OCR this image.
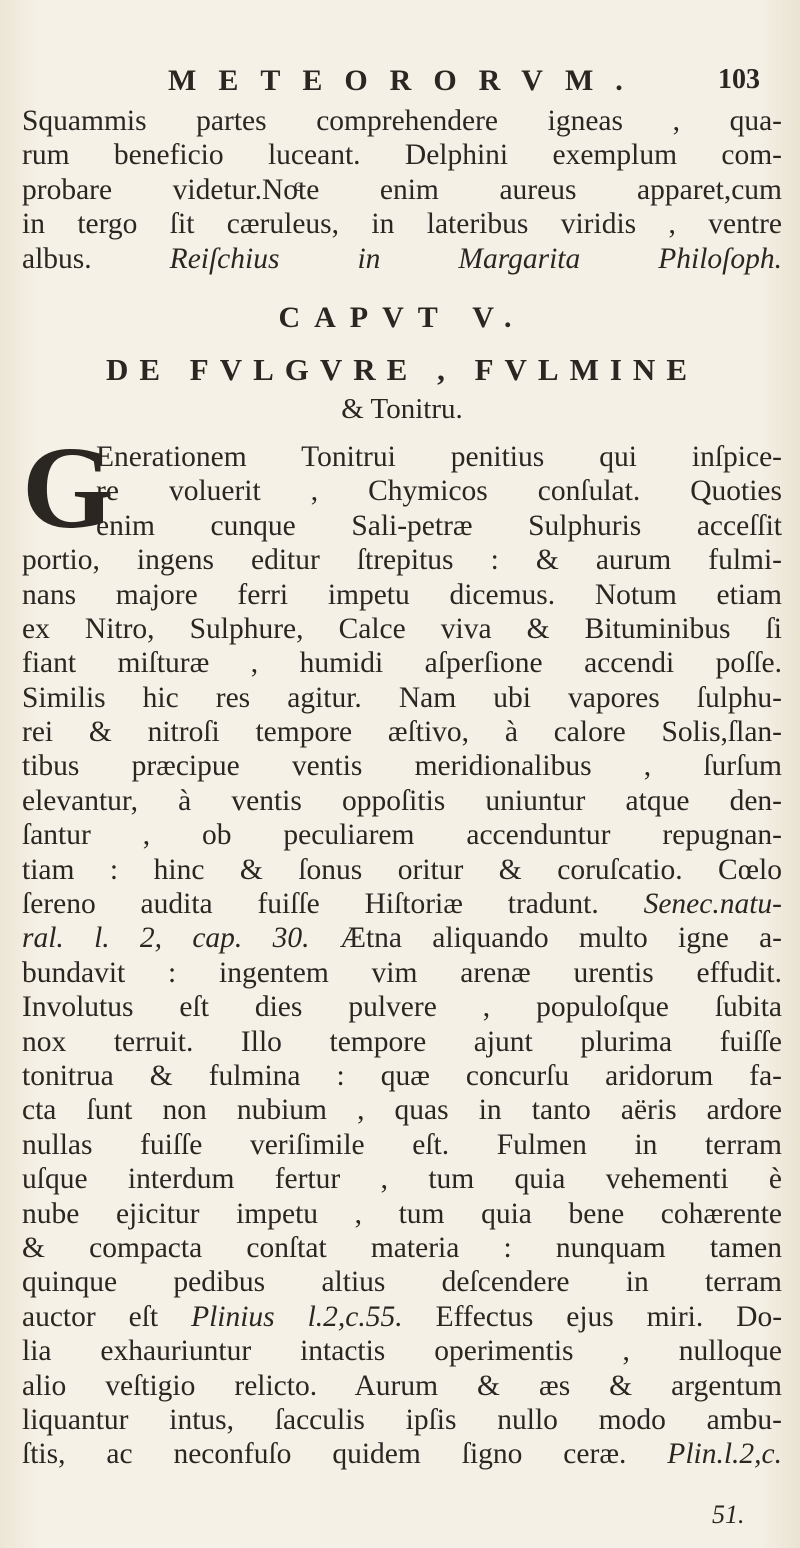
METEORORVM.	103
Squammis partes comprehendere igneas , qua-
rum beneficio luceant. Delphini exemplum com-
probare videtur.Noͨte enim aureus apparet,cum
in tergo ſit cæruleus, in lateribus viridis , ventre
albus.	Reiſchius in Margarita Philoſoph.
CAPVT V.
DE FVLGVRE , FVLMINE
& Tonitru.
G
Enerationem Tonitrui penitius qui inſpice-
re voluerit , Chymicos conſulat. Quoties
enim cunque Sali-petræ Sulphuris acceſſit
portio, ingens editur ſtrepitus : & aurum fulmi-
nans majore ferri impetu dicemus. Notum etiam
ex Nitro, Sulphure, Calce viva & Bituminibus ſi
fiant miſturæ , humidi aſperſione accendi poſſe.
Similis hic res agitur. Nam ubi vapores ſulphu-
rei & nitroſi tempore æſtivo, à calore Solis,ſlan-
tibus præcipue ventis meridionalibus , ſurſum
elevantur, à ventis oppoſitis uniuntur atque den-
ſantur , ob peculiarem accenduntur repugnan-
tiam : hinc & ſonus oritur & coruſcatio. Cœlo
ſereno audita fuiſſe Hiſtoriæ tradunt. Senec.natu-
ral. l. 2, cap. 30. Ætna aliquando multo igne a-
bundavit : ingentem vim arenæ urentis effudit.
Involutus eſt dies pulvere , populoſque ſubita
nox terruit. Illo tempore ajunt plurima fuiſſe
tonitrua & fulmina : quæ concurſu aridorum fa-
cta ſunt non nubium , quas in tanto aëris ardore
nullas fuiſſe veriſimile eſt. Fulmen in terram
uſque interdum fertur , tum quia vehementi è
nube ejicitur impetu , tum quia bene cohærente
& compacta conſtat materia : nunquam tamen
quinque pedibus altius deſcendere in terram
auctor eſt Plinius l.2,c.55. Effectus ejus miri. Do-
lia exhauriuntur intactis operimentis , nulloque
alio veſtigio relicto. Aurum & æs & argentum
liquantur intus, ſacculis ipſis nullo modo ambu-
ſtis, ac neconfuſo quidem ſigno ceræ. Plin.l.2,c.
51.
